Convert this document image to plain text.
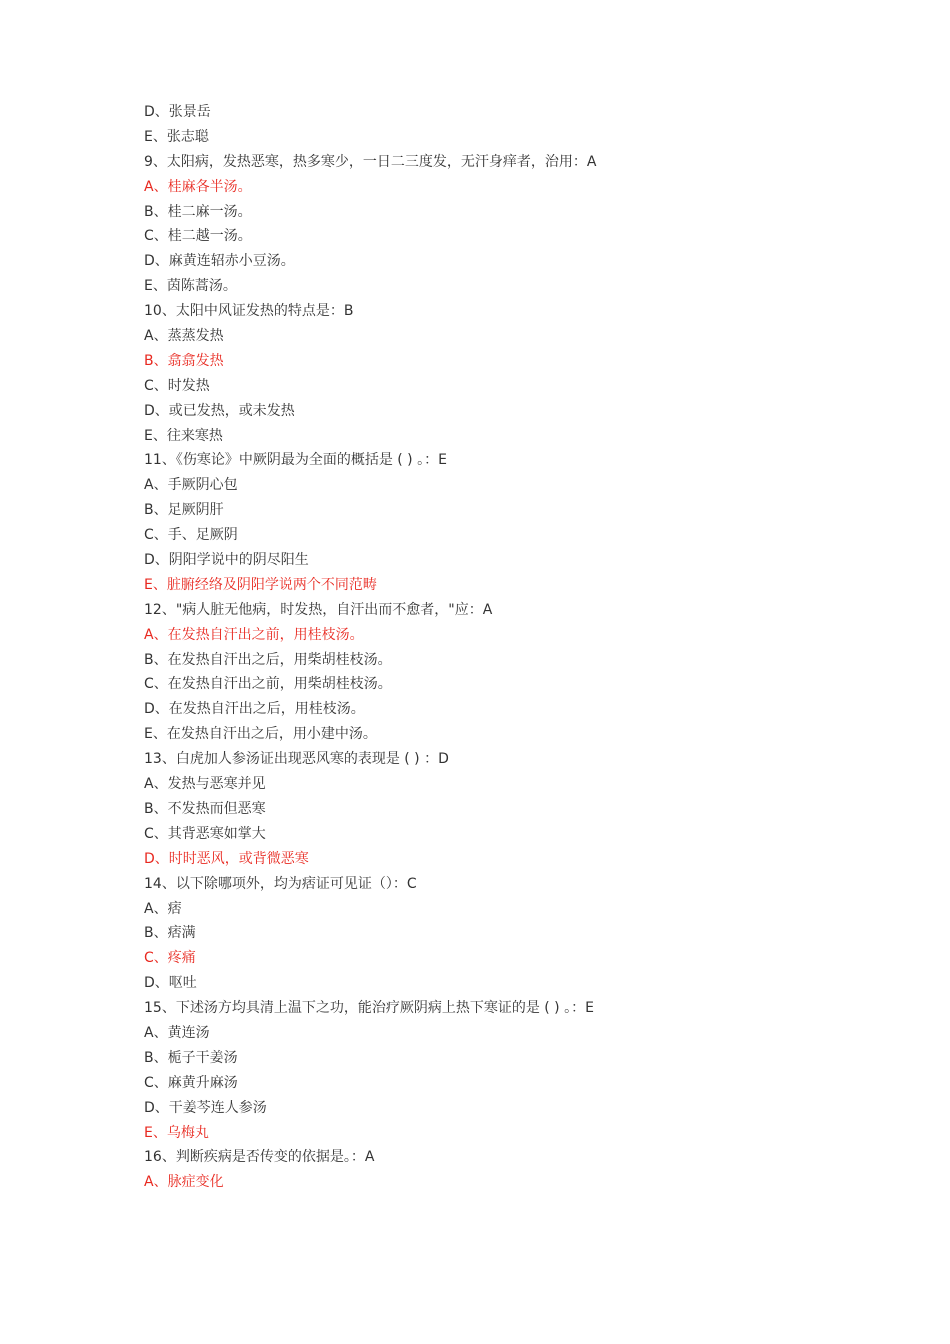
D、张景岳
E、张志聪
9、太阳病，发热恶寒，热多寒少，一日二三度发，无汗身痒者，治用：A
A、桂麻各半汤。
B、桂二麻一汤。
C、桂二越一汤。
D、麻黄连轺赤小豆汤。
E、茵陈蒿汤。
10、太阳中风证发热的特点是：B
A、蒸蒸发热
B、翕翕发热
C、时发热
D、或已发热，或未发热
E、往来寒热
11、《伤寒论》中厥阴最为全面的概括是 ( ) 。：E
A、手厥阴心包
B、足厥阴肝
C、手、足厥阴
D、阴阳学说中的阴尽阳生
E、脏腑经络及阴阳学说两个不同范畴
12、"病人脏无他病，时发热，自汗出而不愈者，"应：A
A、在发热自汗出之前，用桂枝汤。
B、在发热自汗出之后，用柴胡桂枝汤。
C、在发热自汗出之前，用柴胡桂枝汤。
D、在发热自汗出之后，用桂枝汤。
E、在发热自汗出之后，用小建中汤。
13、白虎加人参汤证出现恶风寒的表现是 ( ) ：D
A、发热与恶寒并见
B、不发热而但恶寒
C、其背恶寒如掌大
D、时时恶风，或背微恶寒
14、以下除哪项外，均为痞证可见证（）：C
A、痞
B、痞满
C、疼痛
D、呕吐
15、下述汤方均具清上温下之功，能治疗厥阴病上热下寒证的是 ( ) 。：E
A、黄连汤
B、栀子干姜汤
C、麻黄升麻汤
D、干姜芩连人参汤
E、乌梅丸
16、判断疾病是否传变的依据是。：A
A、脉症变化
